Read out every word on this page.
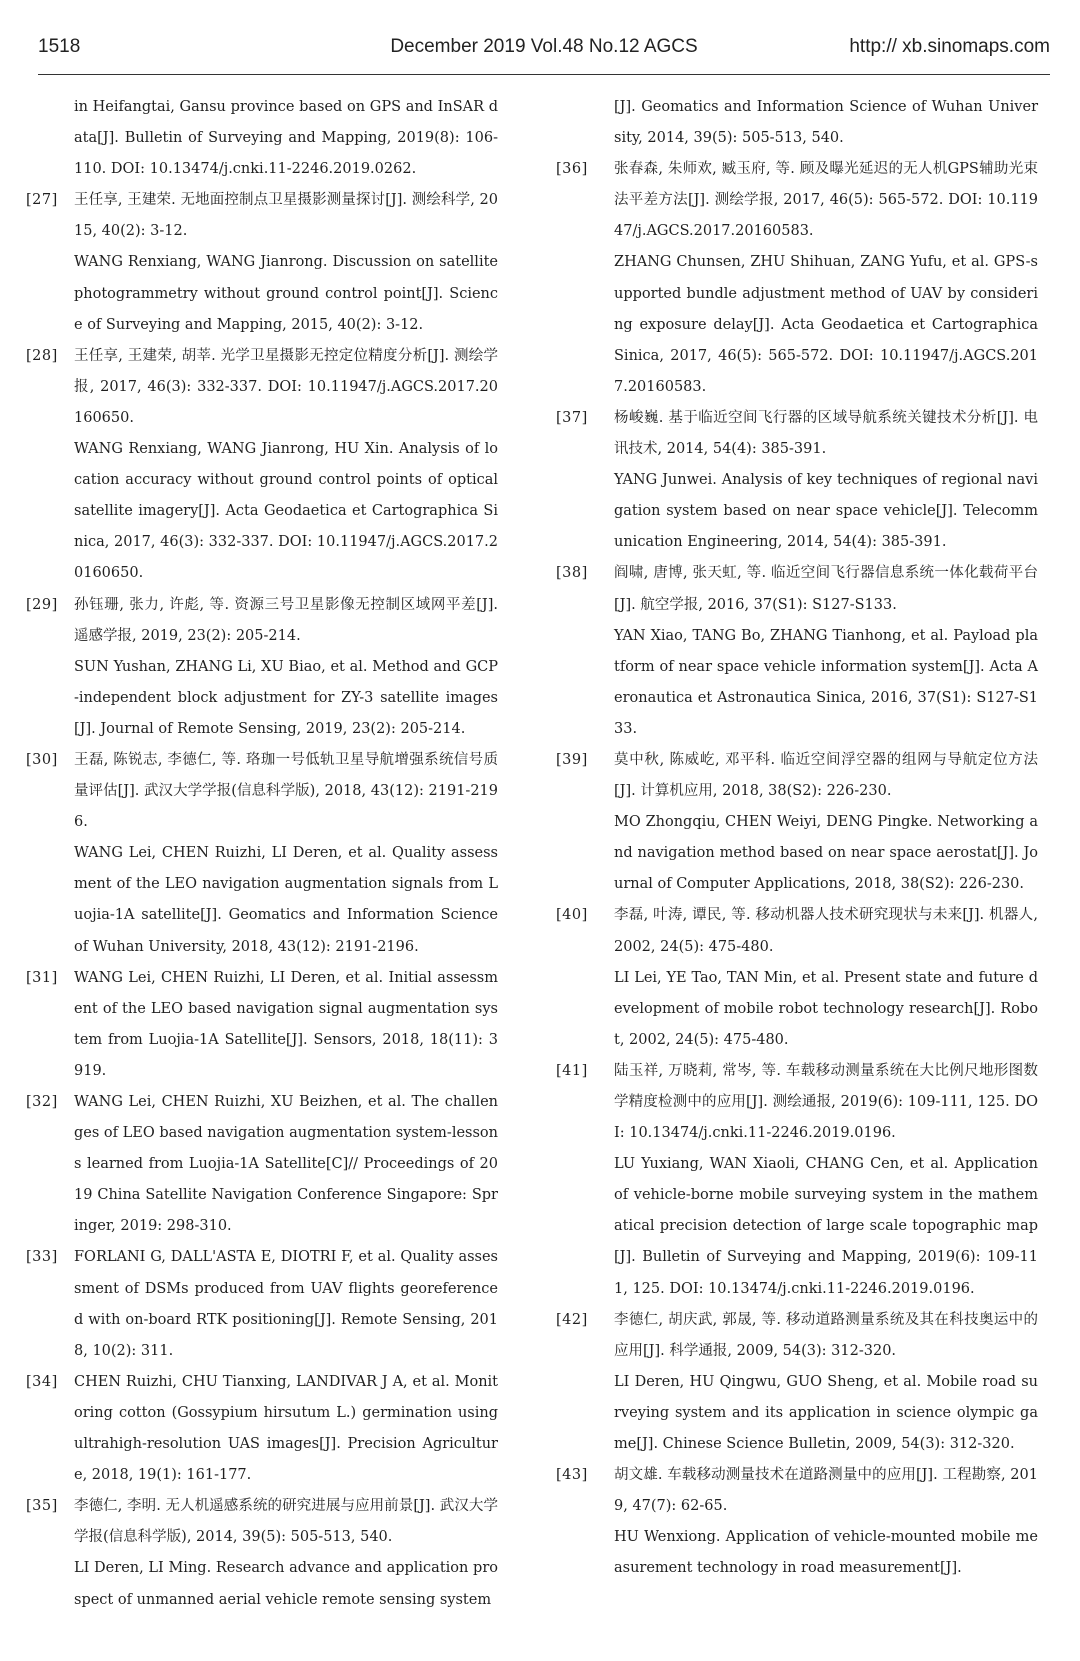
1518	December 2019 Vol.48 No.12 AGCS	http:// xb.sinomaps.com

in Heifangtai, Gansu province based on GPS and InSAR data[J]. Bulletin of Surveying and Mapping, 2019(8): 106-110. DOI: 10.13474/j.cnki.11-2246.2019.0262.

[27]	王任享, 王建荣. 无地面控制点卫星摄影测量探讨[J]. 测绘科学, 2015, 40(2): 3-12.

WANG Renxiang, WANG Jianrong. Discussion on satellite photogrammetry without ground control point[J]. Science of Surveying and Mapping, 2015, 40(2): 3-12.

[28]	王任享, 王建荣, 胡莘. 光学卫星摄影无控定位精度分析[J]. 测绘学报, 2017, 46(3): 332-337. DOI: 10.11947/j.AGCS.2017.20160650.

WANG Renxiang, WANG Jianrong, HU Xin. Analysis of location accuracy without ground control points of optical satellite imagery[J]. Acta Geodaetica et Cartographica Sinica, 2017, 46(3): 332-337. DOI: 10.11947/j.AGCS.2017.20160650.

[29]	孙钰珊, 张力, 许彪, 等. 资源三号卫星影像无控制区域网平差[J]. 遥感学报, 2019, 23(2): 205-214.

SUN Yushan, ZHANG Li, XU Biao, et al. Method and GCP-independent block adjustment for ZY-3 satellite images[J]. Journal of Remote Sensing, 2019, 23(2): 205-214.

[30]	王磊, 陈锐志, 李德仁, 等. 珞珈一号低轨卫星导航增强系统信号质量评估[J]. 武汉大学学报(信息科学版), 2018, 43(12): 2191-2196.

WANG Lei, CHEN Ruizhi, LI Deren, et al. Quality assessment of the LEO navigation augmentation signals from Luojia-1A satellite[J]. Geomatics and Information Science of Wuhan University, 2018, 43(12): 2191-2196.

[31]	WANG Lei, CHEN Ruizhi, LI Deren, et al. Initial assessment of the LEO based navigation signal augmentation system from Luojia-1A Satellite[J]. Sensors, 2018, 18(11): 3919.

[32]	WANG Lei, CHEN Ruizhi, XU Beizhen, et al. The challenges of LEO based navigation augmentation system-lessons learned from Luojia-1A Satellite[C]// Proceedings of 2019 China Satellite Navigation Conference Singapore: Springer, 2019: 298-310.

[33]	FORLANI G, DALL'ASTA E, DIOTRI F, et al. Quality assessment of DSMs produced from UAV flights georeferenced with on-board RTK positioning[J]. Remote Sensing, 2018, 10(2): 311.

[34]	CHEN Ruizhi, CHU Tianxing, LANDIVAR J A, et al. Monitoring cotton (Gossypium hirsutum L.) germination using ultrahigh-resolution UAS images[J]. Precision Agriculture, 2018, 19(1): 161-177.

[35]	李德仁, 李明. 无人机遥感系统的研究进展与应用前景[J]. 武汉大学学报(信息科学版), 2014, 39(5): 505-513, 540.

LI Deren, LI Ming. Research advance and application prospect of unmanned aerial vehicle remote sensing system

[J]. Geomatics and Information Science of Wuhan University, 2014, 39(5): 505-513, 540.

[36]	张春森, 朱师欢, 臧玉府, 等. 顾及曝光延迟的无人机GPS辅助光束法平差方法[J]. 测绘学报, 2017, 46(5): 565-572. DOI: 10.11947/j.AGCS.2017.20160583.

ZHANG Chunsen, ZHU Shihuan, ZANG Yufu, et al. GPS-supported bundle adjustment method of UAV by considering exposure delay[J]. Acta Geodaetica et Cartographica Sinica, 2017, 46(5): 565-572. DOI: 10.11947/j.AGCS.2017.20160583.

[37]	杨峻巍. 基于临近空间飞行器的区域导航系统关键技术分析[J]. 电讯技术, 2014, 54(4): 385-391.

YANG Junwei. Analysis of key techniques of regional navigation system based on near space vehicle[J]. Telecommunication Engineering, 2014, 54(4): 385-391.

[38]	阎啸, 唐博, 张天虹, 等. 临近空间飞行器信息系统一体化载荷平台[J]. 航空学报, 2016, 37(S1): S127-S133.

YAN Xiao, TANG Bo, ZHANG Tianhong, et al. Payload platform of near space vehicle information system[J]. Acta Aeronautica et Astronautica Sinica, 2016, 37(S1): S127-S133.

[39]	莫中秋, 陈威屹, 邓平科. 临近空间浮空器的组网与导航定位方法[J]. 计算机应用, 2018, 38(S2): 226-230.

MO Zhongqiu, CHEN Weiyi, DENG Pingke. Networking and navigation method based on near space aerostat[J]. Journal of Computer Applications, 2018, 38(S2): 226-230.

[40]	李磊, 叶涛, 谭民, 等. 移动机器人技术研究现状与未来[J]. 机器人, 2002, 24(5): 475-480.

LI Lei, YE Tao, TAN Min, et al. Present state and future development of mobile robot technology research[J]. Robot, 2002, 24(5): 475-480.

[41]	陆玉祥, 万晓莉, 常岑, 等. 车载移动测量系统在大比例尺地形图数学精度检测中的应用[J]. 测绘通报, 2019(6): 109-111, 125. DOI: 10.13474/j.cnki.11-2246.2019.0196.

LU Yuxiang, WAN Xiaoli, CHANG Cen, et al. Application of vehicle-borne mobile surveying system in the mathematical precision detection of large scale topographic map[J]. Bulletin of Surveying and Mapping, 2019(6): 109-111, 125. DOI: 10.13474/j.cnki.11-2246.2019.0196.

[42]	李德仁, 胡庆武, 郭晟, 等. 移动道路测量系统及其在科技奥运中的应用[J]. 科学通报, 2009, 54(3): 312-320.

LI Deren, HU Qingwu, GUO Sheng, et al. Mobile road surveying system and its application in science olympic game[J]. Chinese Science Bulletin, 2009, 54(3): 312-320.

[43]	胡文雄. 车载移动测量技术在道路测量中的应用[J]. 工程勘察, 2019, 47(7): 62-65.

HU Wenxiong. Application of vehicle-mounted mobile measurement technology in road measurement[J].
